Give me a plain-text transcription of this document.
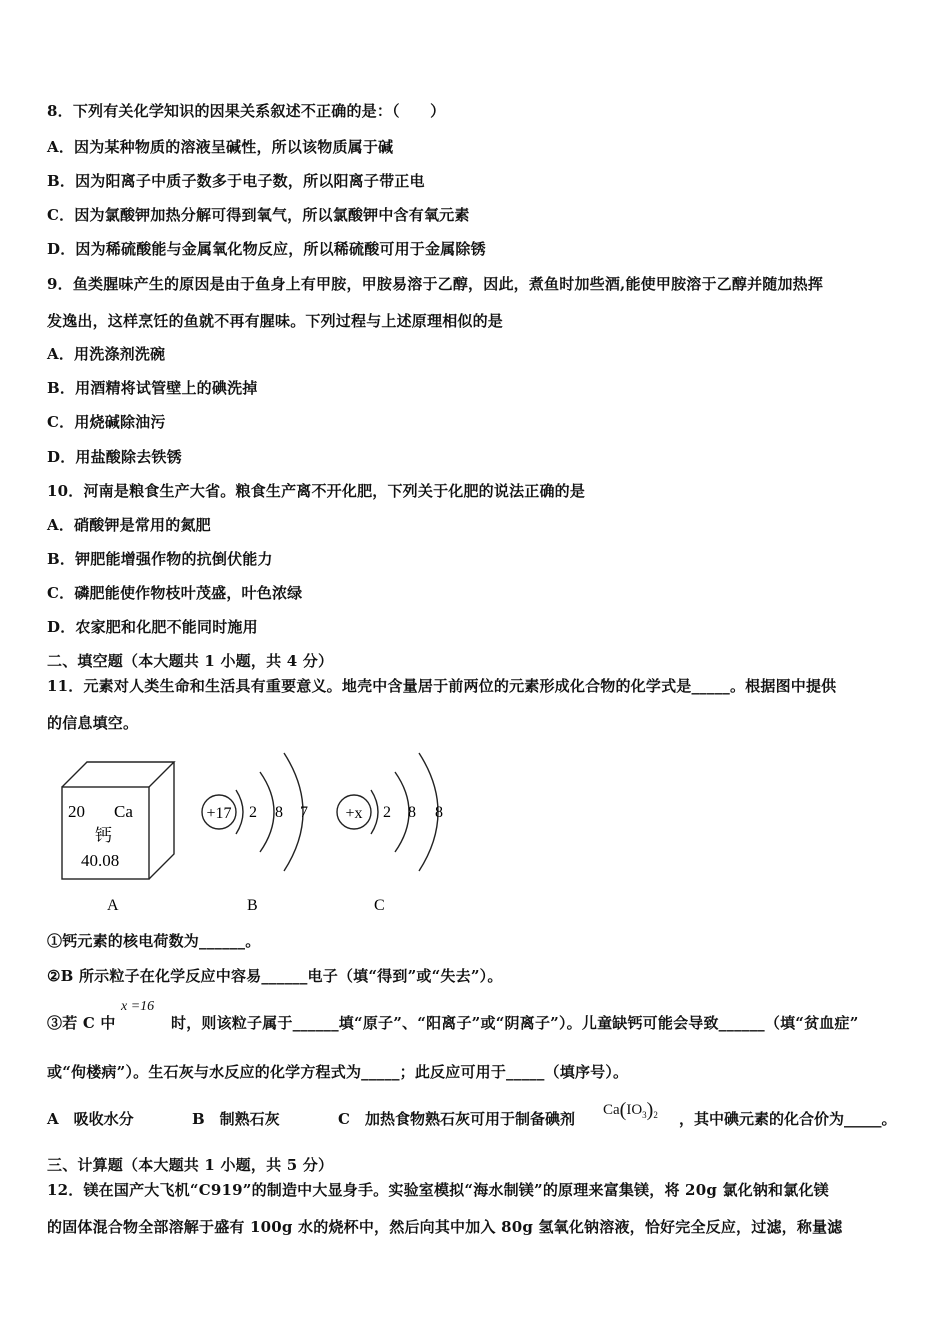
8．下列有关化学知识的因果关系叙述不正确的是：（　　）
A．因为某种物质的溶液呈碱性，所以该物质属于碱
B．因为阳离子中质子数多于电子数，所以阳离子带正电
C．因为氯酸钾加热分解可得到氧气，所以氯酸钾中含有氧元素
D．因为稀硫酸能与金属氧化物反应，所以稀硫酸可用于金属除锈
9．鱼类腥味产生的原因是由于鱼身上有甲胺，甲胺易溶于乙醇，因此，煮鱼时加些酒,能使甲胺溶于乙醇并随加热挥
发逸出，这样烹饪的鱼就不再有腥味。下列过程与上述原理相似的是
A．用洗涤剂洗碗
B．用酒精将试管壁上的碘洗掉
C．用烧碱除油污
D．用盐酸除去铁锈
10．河南是粮食生产大省。粮食生产离不开化肥，下列关于化肥的说法正确的是
A．硝酸钾是常用的氮肥
B．钾肥能增强作物的抗倒伏能力
C．磷肥能使作物枝叶茂盛，叶色浓绿
D．农家肥和化肥不能同时施用
二、填空题（本大题共 1 小题，共 4 分）
11．元素对人类生命和生活具有重要意义。地壳中含量居于前两位的元素形成化合物的化学式是_____。根据图中提供
的信息填空。
20 Ca
钙
40.08
+17 2 8 7 +x 2 8 8
A	B	C
①钙元素的核电荷数为______。
②B 所示粒子在化学反应中容易______电子（填“得到”或“失去”）。
③若 C 中
x =16
时，则该粒子属于______填“原子”、“阳离子”或“阴离子”）。儿童缺钙可能会导致______（填“贫血症”
或“佝楼病”）。生石灰与水反应的化学方程式为_____；此反应可用于_____（填序号）。
A　吸收水分	B　制熟石灰	C　加热食物熟石灰可用于制备碘剂 $Ca(IO_3)_2$ ，其中碘元素的化合价为_____。
三、计算题（本大题共 1 小题，共 5 分）
12．镁在国产大飞机“C919”的制造中大显身手。实验室模拟“海水制镁”的原理来富集镁，将 20g 氯化钠和氯化镁
的固体混合物全部溶解于盛有 100g 水的烧杯中，然后向其中加入 80g 氢氧化钠溶液，恰好完全反应，过滤，称量滤
